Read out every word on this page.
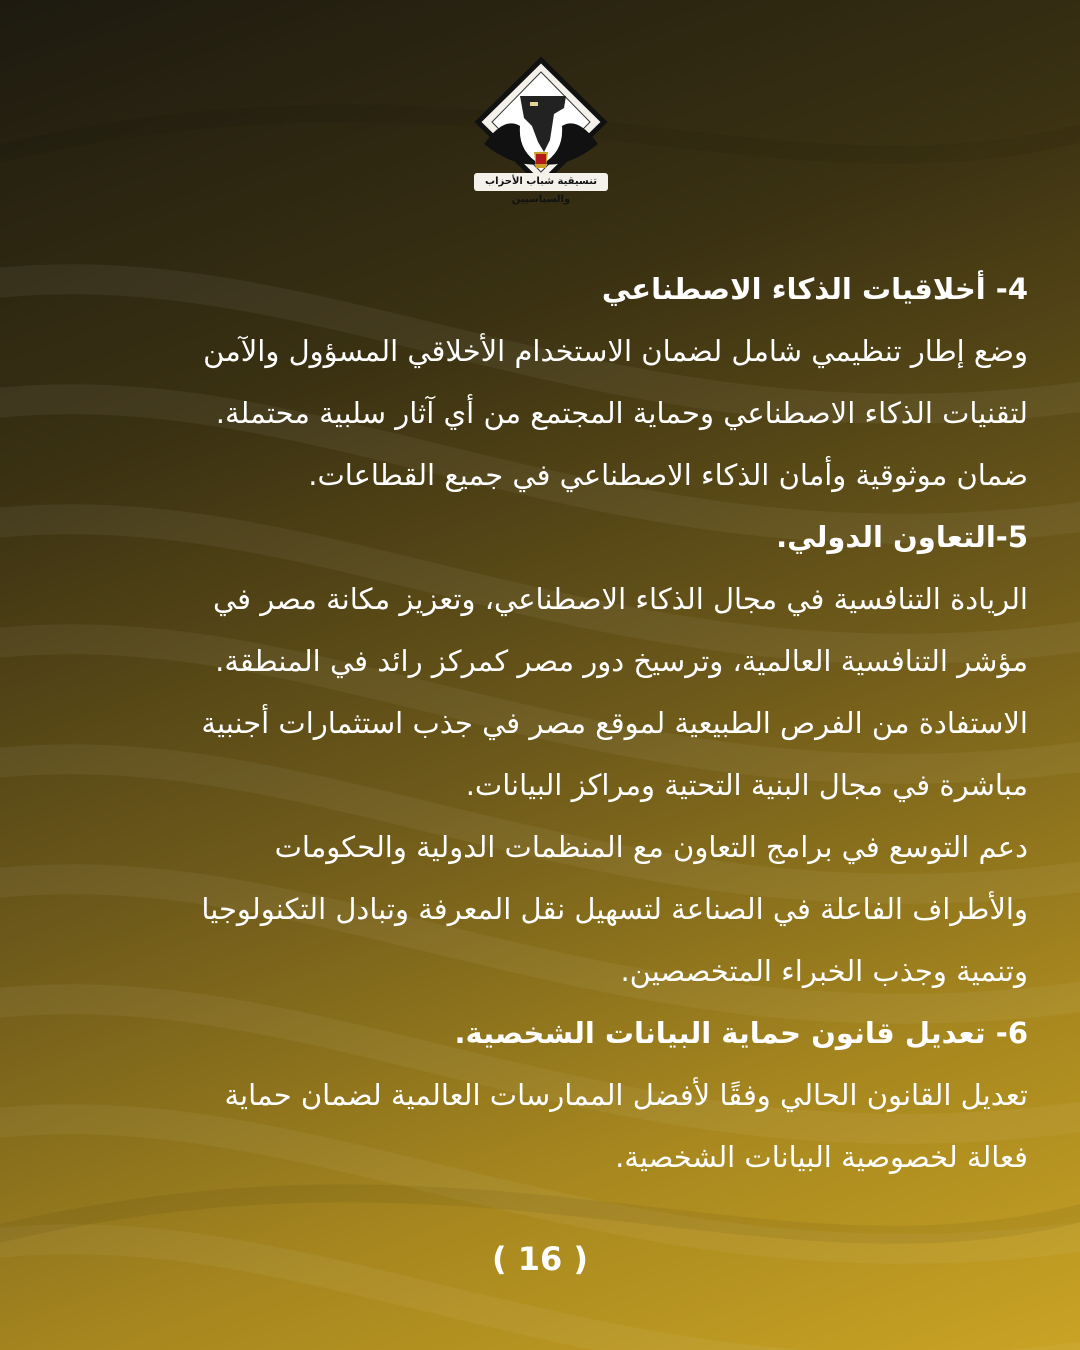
تنسيقية شباب الأحزاب والسياسيين
4- أخلاقيات الذكاء الاصطناعي
وضع إطار تنظيمي شامل لضمان الاستخدام الأخلاقي المسؤول والآمن
لتقنيات الذكاء الاصطناعي وحماية المجتمع من أي آثار سلبية محتملة.
ضمان موثوقية وأمان الذكاء الاصطناعي في جميع القطاعات.
5-التعاون الدولي.
الريادة التنافسية في مجال الذكاء الاصطناعي، وتعزيز مكانة مصر في
مؤشر التنافسية العالمية، وترسيخ دور مصر كمركز رائد في المنطقة.
الاستفادة من الفرص الطبيعية لموقع مصر في جذب استثمارات أجنبية
مباشرة في مجال البنية التحتية ومراكز البيانات.
دعم التوسع في برامج التعاون مع المنظمات الدولية والحكومات
والأطراف الفاعلة في الصناعة لتسهيل نقل المعرفة وتبادل التكنولوجيا
وتنمية وجذب الخبراء المتخصصين.
6- تعديل قانون حماية البيانات الشخصية.
تعديل القانون الحالي وفقًا لأفضل الممارسات العالمية لضمان حماية
فعالة لخصوصية البيانات الشخصية.
( 16 )
